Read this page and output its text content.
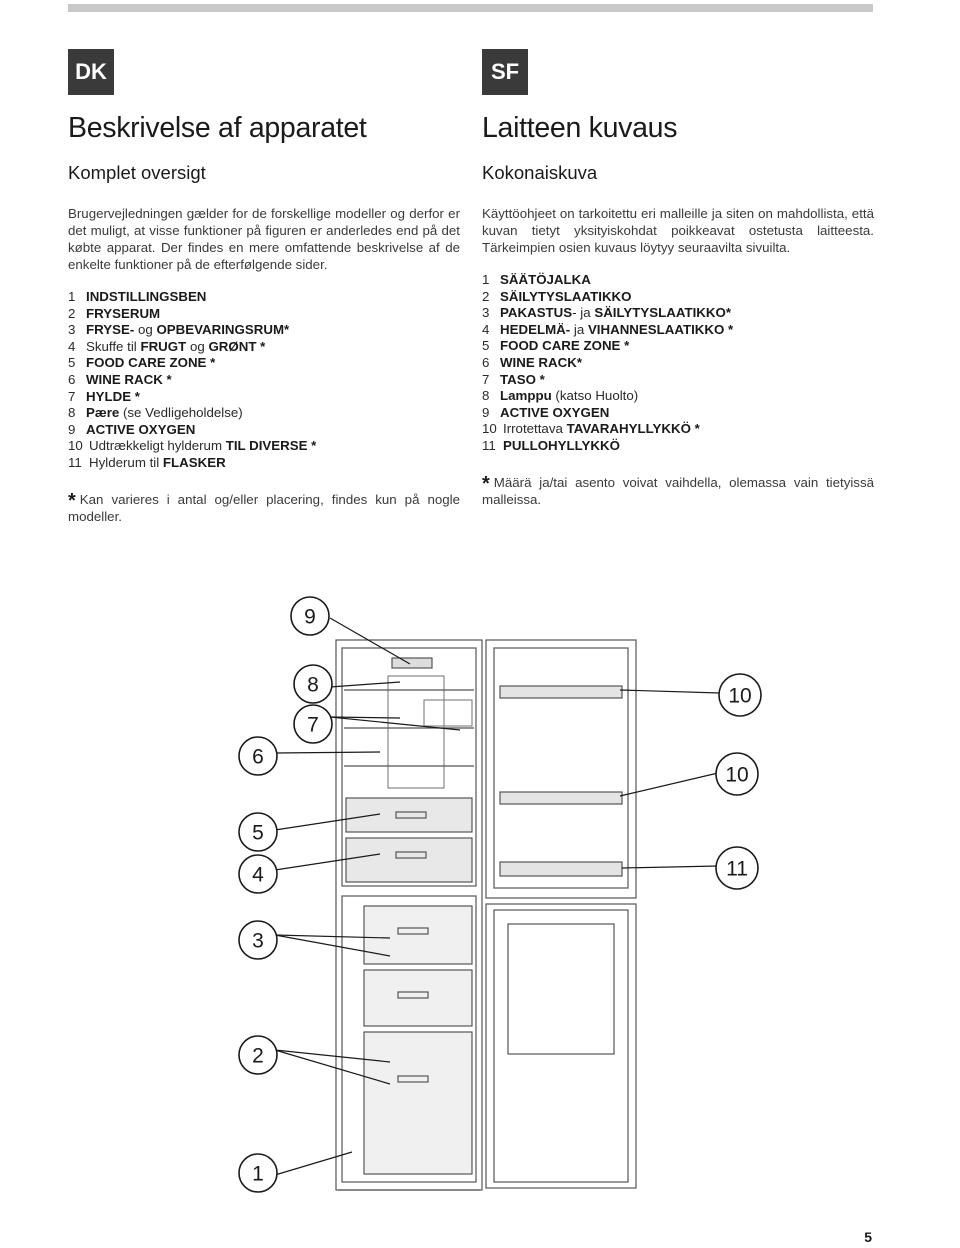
DK
Beskrivelse af apparatet
Komplet oversigt

Brugervejledningen gælder for de forskellige modeller og derfor er det muligt, at visse funktioner på figuren er anderledes end på det købte apparat. Der findes en mere omfattende beskrivelse af de enkelte funktioner på de efterfølgende sider.

1 INDSTILLINGSBEN
2 FRYSERUM
3 FRYSE- og OPBEVARINGSRUM*
4 Skuffe til FRUGT og GRØNT *
5 FOOD CARE ZONE *
6 WINE RACK *
7 HYLDE *
8 Pære (se Vedligeholdelse)
9 ACTIVE OXYGEN
10 Udtrækkeligt hylderum TIL DIVERSE *
11 Hylderum til FLASKER

* Kan varieres i antal og/eller placering, findes kun på nogle modeller.

SF
Laitteen kuvaus
Kokonaiskuva

Käyttöohjeet on tarkoitettu eri malleille ja siten on mahdollista, että kuvan tietyt yksityiskohdat poikkeavat ostetusta laitteesta. Tärkeimpien osien kuvaus löytyy seuraavilta sivuilta.

1 SÄÄTÖJALKA
2 SÄILYTYSLAATIKKO
3 PAKASTUS- ja SÄILYTYSLAATIKKO*
4 HEDELMÄ- ja VIHANNESLAATIKKO *
5 FOOD CARE ZONE *
6 WINE RACK*
7 TASO *
8 Lamppu (katso Huolto)
9 ACTIVE OXYGEN
10 Irrotettava TAVARAHYLLYKKÖ *
11 PULLOHYLLYKKÖ

* Määrä ja/tai asento voivat vaihdella, olemassa vain tietyissä malleissa.

9
8
7
6
5
4
3
2
1
10
10
11
5
